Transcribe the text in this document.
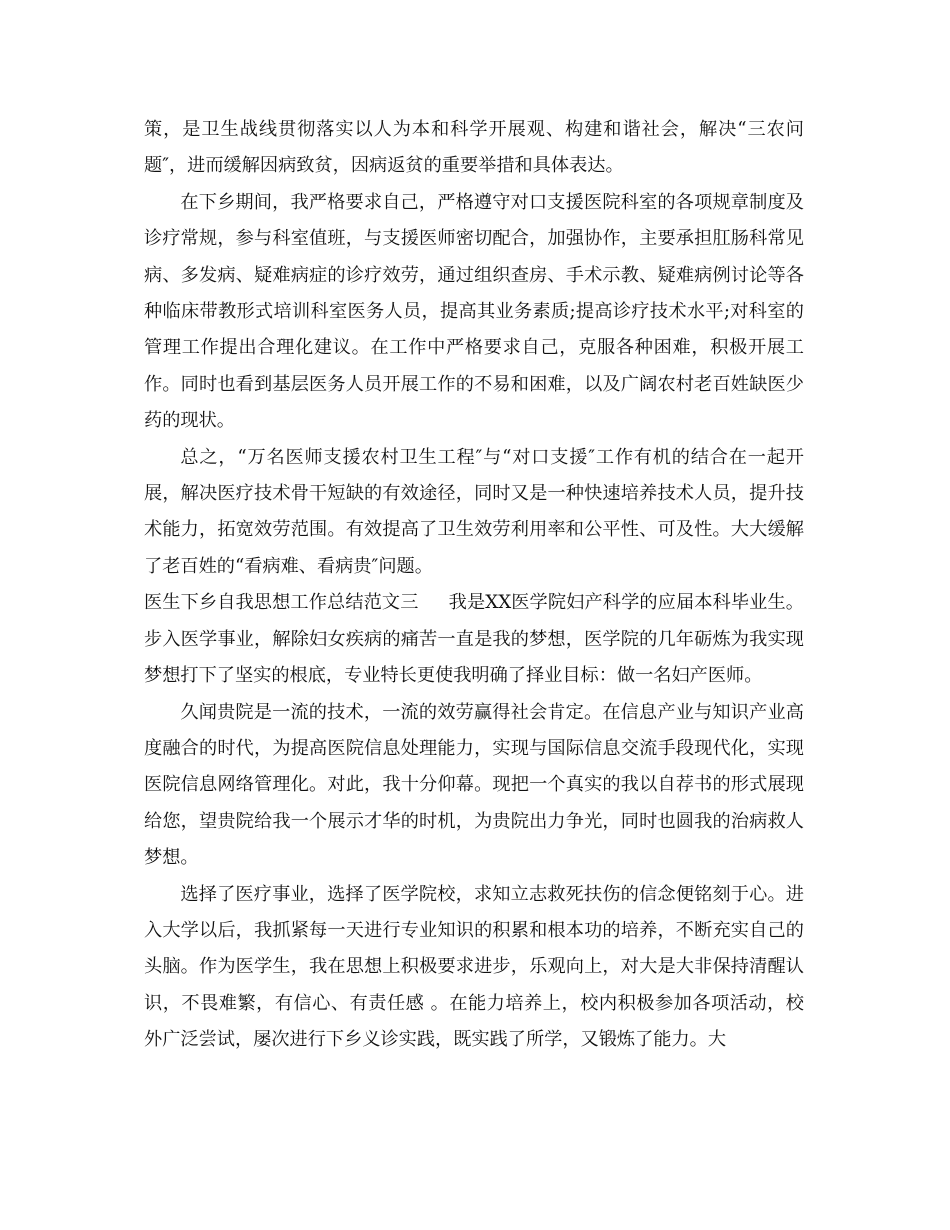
策，是卫生战线贯彻落实以人为本和科学开展观、构建和谐社会，解决“三农问题″，进而缓解因病致贫，因病返贫的重要举措和具体表达。

在下乡期间，我严格要求自己，严格遵守对口支援医院科室的各项规章制度及诊疗常规，参与科室值班，与支援医师密切配合，加强协作，主要承担肛肠科常见病、多发病、疑难病症的诊疗效劳，通过组织查房、手术示教、疑难病例讨论等各种临床带教形式培训科室医务人员，提高其业务素质;提高诊疗技术水平;对科室的管理工作提出合理化建议。在工作中严格要求自己，克服各种困难，积极开展工作。同时也看到基层医务人员开展工作的不易和困难，以及广阔农村老百姓缺医少药的现状。

总之，“万名医师支援农村卫生工程″与“对口支援″工作有机的结合在一起开展，解决医疗技术骨干短缺的有效途径，同时又是一种快速培养技术人员，提升技术能力，拓宽效劳范围。有效提高了卫生效劳利用率和公平性、可及性。大大缓解了老百姓的“看病难、看病贵″问题。

医生下乡自我思想工作总结范文三 我是XX医学院妇产科学的应届本科毕业生。步入医学事业，解除妇女疾病的痛苦一直是我的梦想，医学院的几年砺炼为我实现梦想打下了坚实的根底，专业特长更使我明确了择业目标：做一名妇产医师。

久闻贵院是一流的技术，一流的效劳赢得社会肯定。在信息产业与知识产业高度融合的时代，为提高医院信息处理能力，实现与国际信息交流手段现代化，实现医院信息网络管理化。对此，我十分仰幕。现把一个真实的我以自荐书的形式展现给您，望贵院给我一个展示才华的时机，为贵院出力争光，同时也圆我的治病救人梦想。

选择了医疗事业，选择了医学院校，求知立志救死扶伤的信念便铭刻于心。进入大学以后，我抓紧每一天进行专业知识的积累和根本功的培养，不断充实自己的头脑。作为医学生，我在思想上积极要求进步，乐观向上，对大是大非保持清醒认识，不畏难繁，有信心、有责任感 。在能力培养上，校内积极参加各项活动，校外广泛尝试，屡次进行下乡义诊实践，既实践了所学，又锻炼了能力。大
